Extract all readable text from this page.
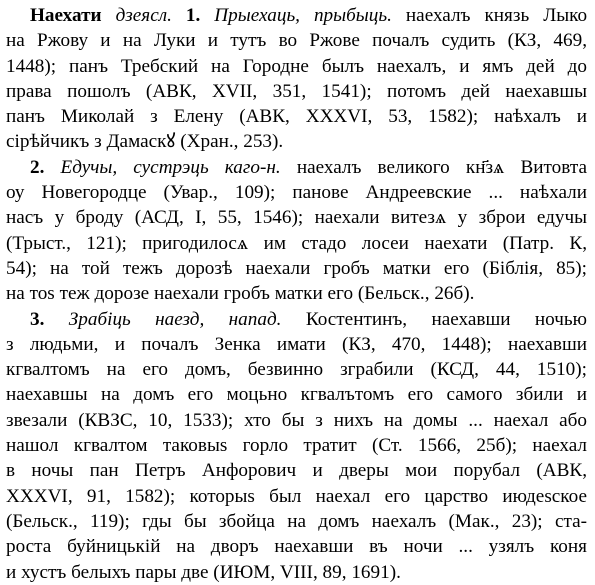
Наехати дзеясл. 1. Прыехаць, прыбыць. наехалъ князь Лыко
на Ржову и на Луки и тутъ во Ржове почалъ судить (КЗ, 469,
1448); панъ Требский на Городне былъ наехалъ, и ямъ дей до
права пошолъ (АВК, XVII, 351, 1541); потомъ дей наехавшы
панъ Миколай з Елену (АВК, XXXVI, 53, 1582); наѣхалъ и
сірѣйчикъ з Дамаскꙋ (Хран., 253).
2. Едучы, сустрэць каго-н. наехалъ великого кн҃зѧ Витовта
оу Новегородце (Увар., 109); панове Андреевские ... наѣхали
насъ у броду (АСД, I, 55, 1546); наехали витезѧ у зброи едучы
(Трыст., 121); пригодилосѧ им стадо лосеи наехати (Патр. К,
54); на той тежъ дорозѣ наехали гробъ матки его (Біблія, 85);
на тоs теж дорозе наехали гробъ матки его (Бельск., 26б).
3. Зрабіць наезд, напад. Костентинъ, наехавши ночью
з людьми, и почалъ Зенка имати (КЗ, 470, 1448); наехавши
кгвалтомъ на его домъ, безвинно зграбили (КСД, 44, 1510);
наехавшы на домъ его моцьно кгвалътомъ его самого збили и
звезали (КВЗС, 10, 1533); хто бы з нихъ на домы ... наехал або
нашол кгвалтом таковыs горло тратит (Ст. 1566, 25б); наехал
в ночы пан Петръ Анфорович и дверы мои порубал (АВК,
XXXVI, 91, 1582); которыs был наехал его царство июдеsское
(Бельск., 119); гды бы збойца на домъ наехалъ (Мак., 23); ста-
роста буйницькій на дворъ наехавши въ ночи ... узялъ коня
и хустъ белыхъ пары две (ИЮМ, VIII, 89, 1691).
